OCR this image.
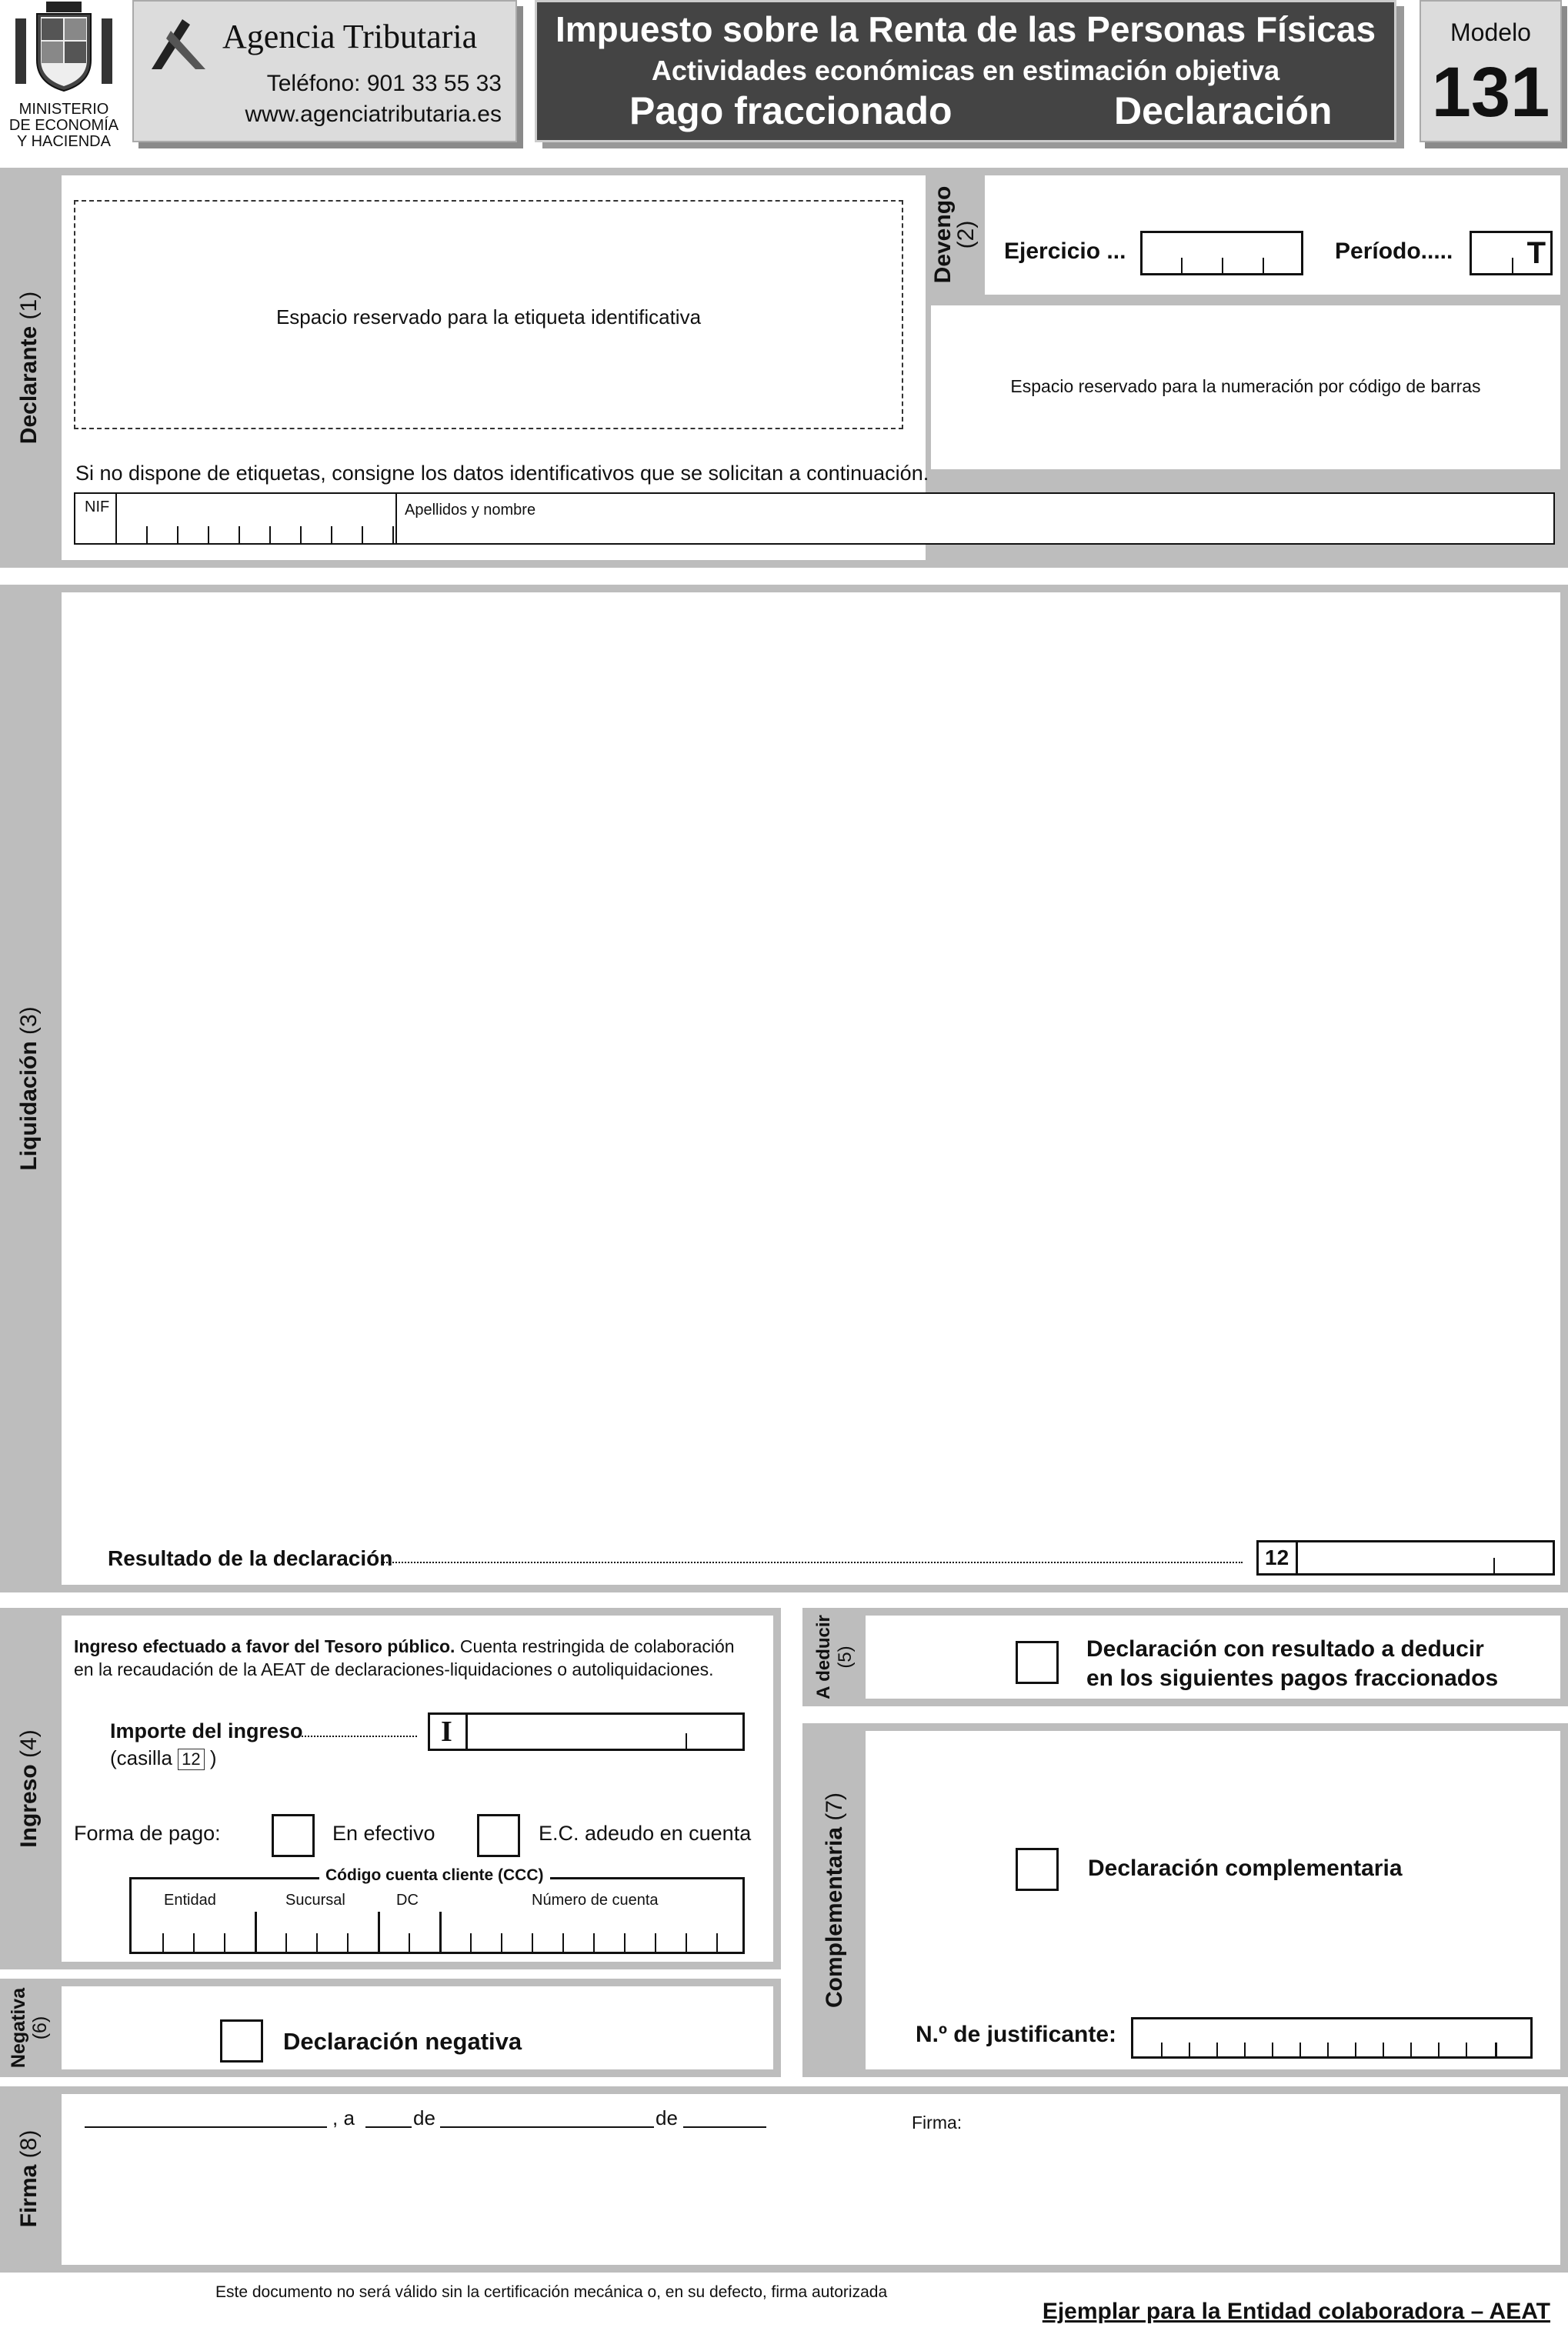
MINISTERIO
DE ECONOMÍA
Y HACIENDA
Agencia Tributaria
Teléfono: 901 33 55 33
www.agenciatributaria.es
Impuesto sobre la Renta de las Personas Físicas
Actividades económicas en estimación objetiva
Pago fraccionado	Declaración
Modelo
131
Declarante (1)	Espacio reservado para la etiqueta identificativa
Si no dispone de etiquetas, consigne los datos identificativos que se solicitan a continuación.
NIF	Apellidos y nombre
Devengo
(2)
Ejercicio ...	Período..... T
Espacio reservado para la numeración por código de barras
Liquidación (3)
Resultado de la declaración	12
Ingreso (4)
Ingreso efectuado a favor del Tesoro público. Cuenta restringida de colaboración
en la recaudación de la AEAT de declaraciones-liquidaciones o autoliquidaciones.
Importe del ingreso
(casilla 12 )
I
Forma de pago:	En efectivo	E.C. adeudo en cuenta
Entidad	Sucursal	DC	Número de cuenta
Código cuenta cliente (CCC)
Negativa
(6)	Declaración negativa
A deducir
(5)	Declaración con resultado a deducir
en los siguientes pagos fraccionados
Complementaria (7)
Declaración complementaria
N.º de justificante:
Firma (8)
, a	de	de	Firma:
Este documento no será válido sin la certificación mecánica o, en su defecto, firma autorizada
Ejemplar para la Entidad colaboradora – AEAT
